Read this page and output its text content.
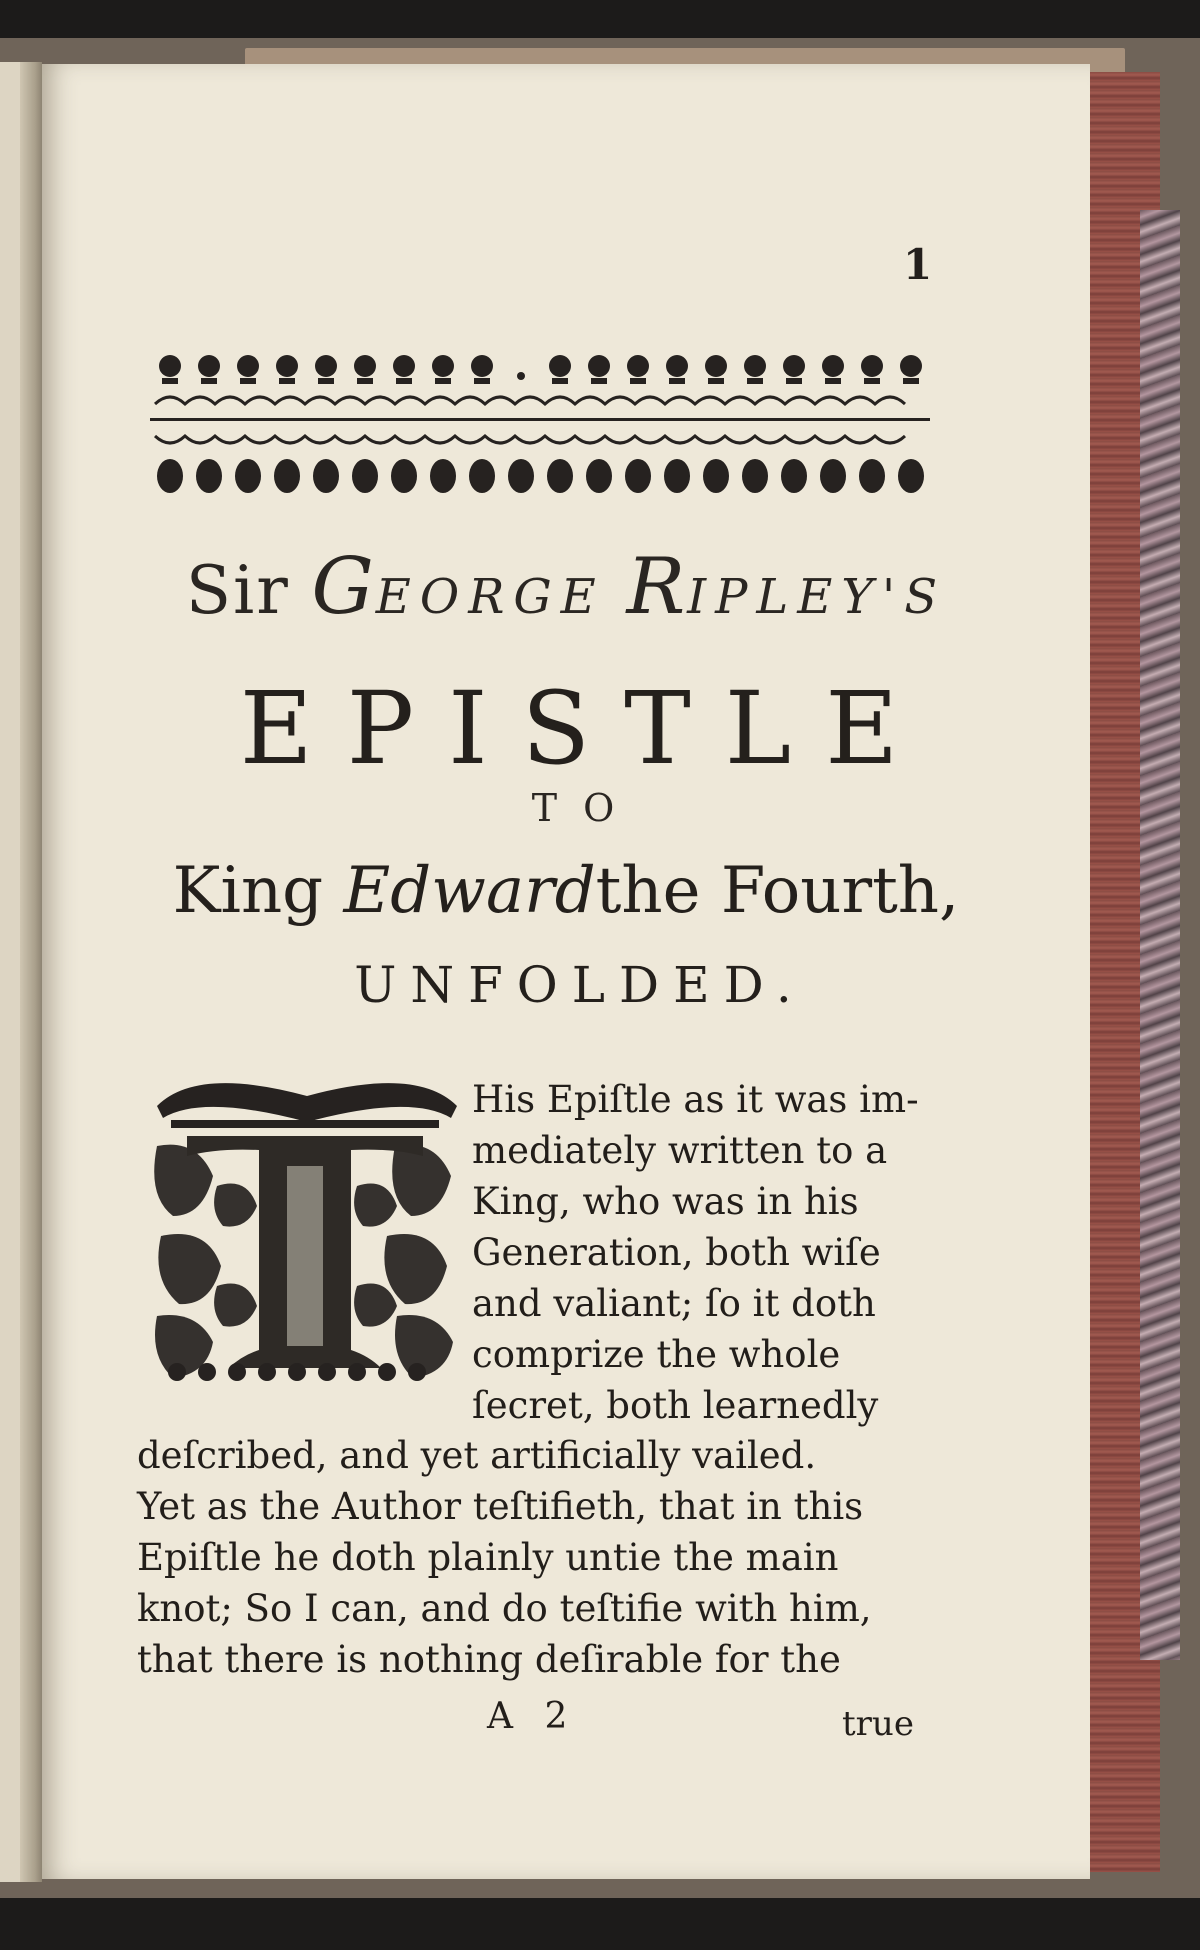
1
Sir GEORGE RIPLEY'S
EPISTLE
TO
King Edwardthe Fourth,
UNFOLDED.
His Epiſtle as it was im-
mediately written to a
King, who was in his
Generation, both wiſe
and valiant; ſo it doth
comprize the whole
ſecret, both learnedly
deſcribed, and yet artificially vailed.
Yet as the Author teſtifieth, that in this
Epiſtle he doth plainly untie the main
knot; So I can, and do teſtifie with him,
that there is nothing deſirable for the
A 2	true
